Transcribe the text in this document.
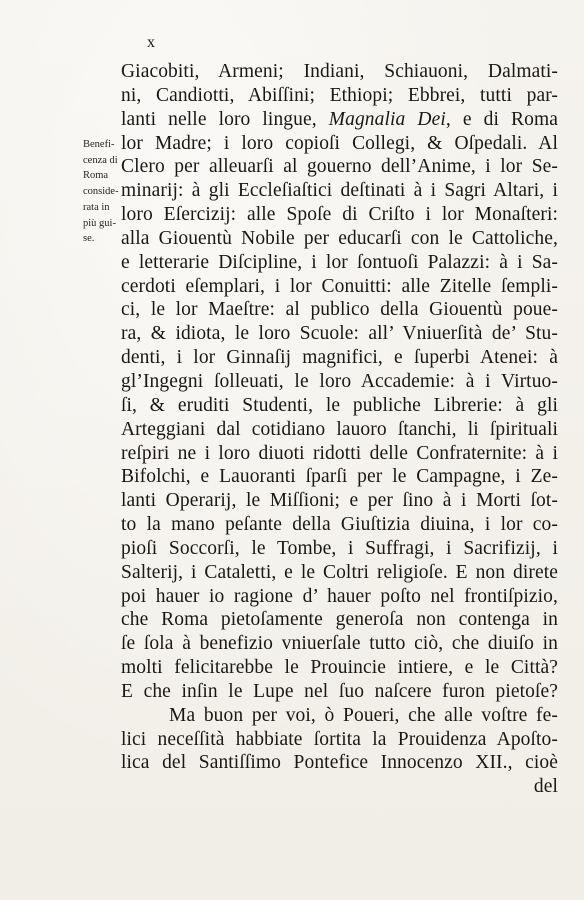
x
Benefi-
cenza di
Roma
conside-
rata in
più gui-
se.
Giacobiti, Armeni; Indiani, Schiauoni, Dalmati-
ni, Candiotti, Abiſſini; Ethiopi; Ebbrei, tutti par-
lanti nelle loro lingue, Magnalia Dei, e di Roma
lor Madre; i loro copioſi Collegi, & Oſpedali. Al
Clero per alleuarſi al gouerno dell’Anime, i lor Se-
minarij: à gli Eccleſiaſtici deſtinati à i Sagri Altari, i
loro Eſercizij: alle Spoſe di Criſto i lor Monaſteri:
alla Giouentù Nobile per educarſi con le Cattoliche,
e letterarie Diſcipline, i lor ſontuoſi Palazzi: à i Sa-
cerdoti eſemplari, i lor Conuitti: alle Zitelle ſempli-
ci, le lor Maeſtre: al publico della Giouentù poue-
ra, & idiota, le loro Scuole: all’ Vniuerſità de’ Stu-
denti, i lor Ginnaſij magnifici, e ſuperbi Atenei: à
gl’Ingegni ſolleuati, le loro Accademie: à i Virtuo-
ſi, & eruditi Studenti, le publiche Librerie: à gli
Arteggiani dal cotidiano lauoro ſtanchi, li ſpirituali
reſpiri ne i loro diuoti ridotti delle Confraternite: à i
Bifolchi, e Lauoranti ſparſi per le Campagne, i Ze-
lanti Operarij, le Miſſioni; e per ſino à i Morti ſot-
to la mano peſante della Giuſtizia diuina, i lor co-
pioſi Soccorſi, le Tombe, i Suffragi, i Sacrifizij, i
Salterij, i Cataletti, e le Coltri religioſe. E non direte
poi hauer io ragione d’ hauer poſto nel frontiſpizio,
che Roma pietoſamente generoſa non contenga in
ſe ſola à benefizio vniuerſale tutto ciò, che diuiſo in
molti felicitarebbe le Prouincie intiere, e le Città?
E che inſin le Lupe nel ſuo naſcere furon pietoſe?
Ma buon per voi, ò Poueri, che alle voſtre fe-
lici neceſſità habbiate ſortita la Prouidenza Apoſto-
lica del Santiſſimo Pontefice Innocenzo XII., cioè
del
